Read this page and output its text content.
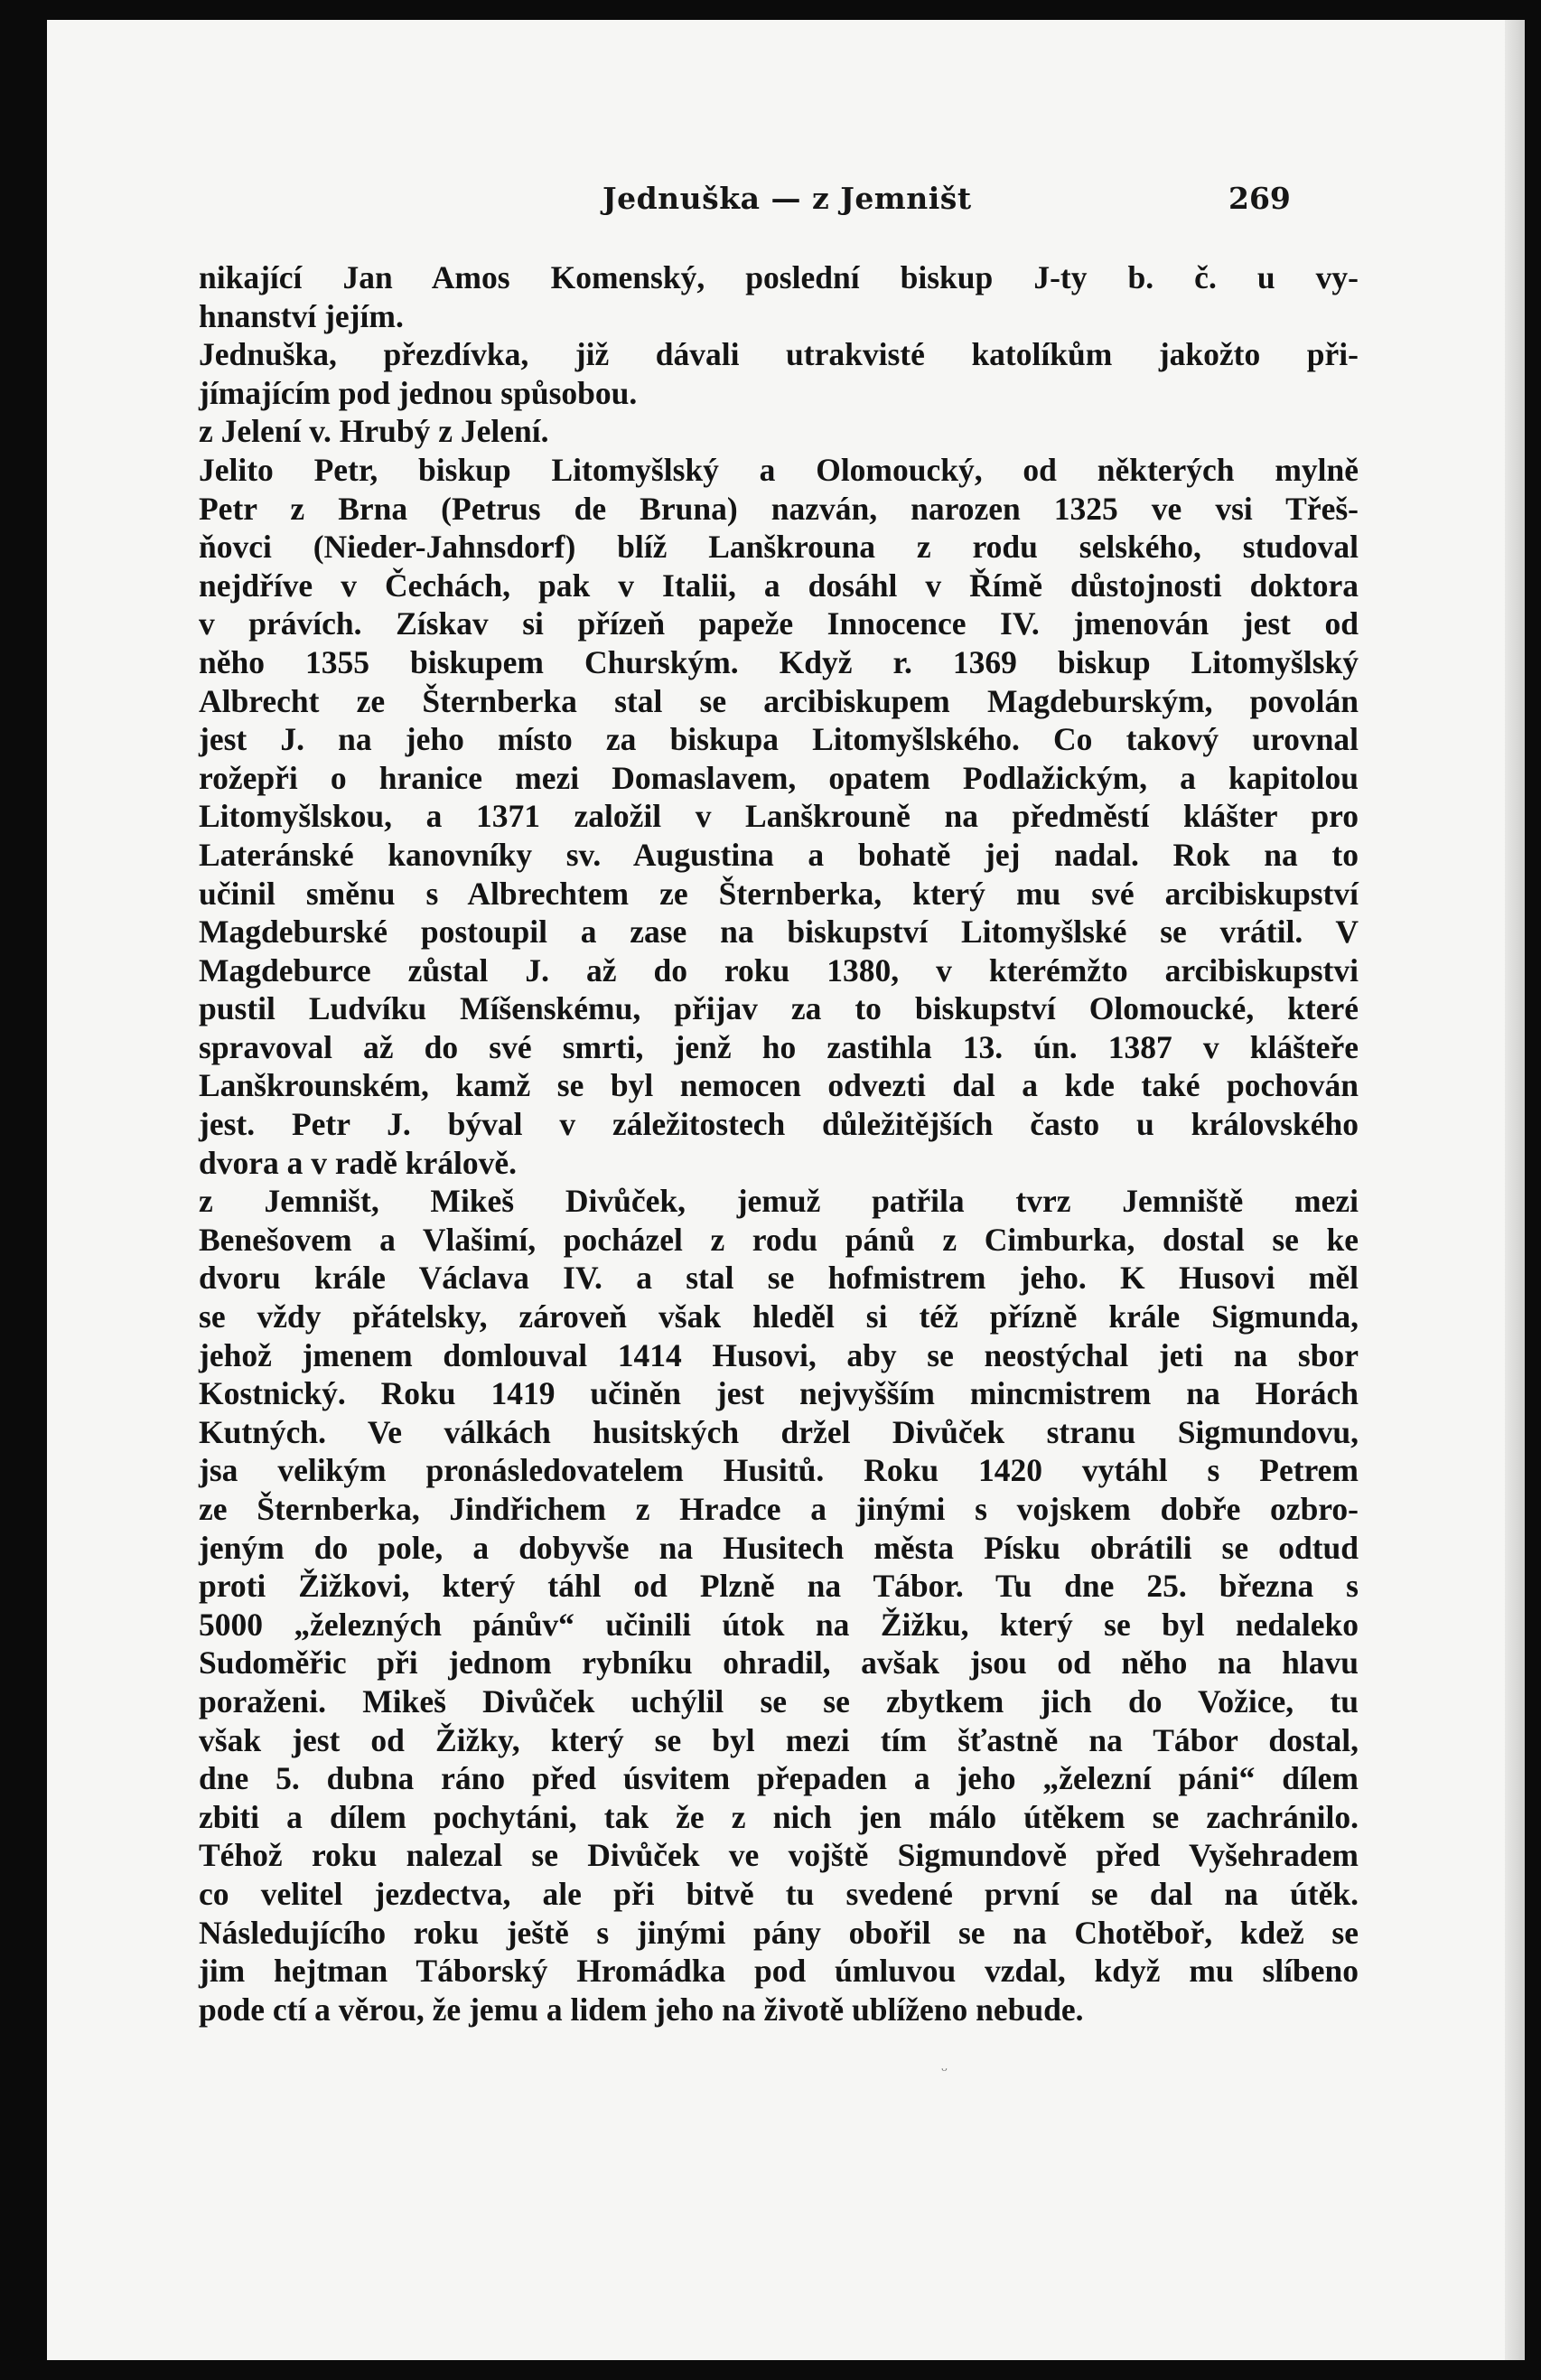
Jednuška — z Jemništ	269
nikající Jan Amos Komenský, poslední biskup J-ty b. č. u vy-
hnanství jejím.
Jednuška, přezdívka, již dávali utrakvisté katolíkům jakožto při-
jímajícím pod jednou spůsobou.
z Jelení v. Hrubý z Jelení.
Jelito Petr, biskup Litomyšlský a Olomoucký, od některých mylně
Petr z Brna (Petrus de Bruna) nazván, narozen 1325 ve vsi Třeš-
ňovci (Nieder-Jahnsdorf) blíž Lanškrouna z rodu selského, studoval
nejdříve v Čechách, pak v Italii, a dosáhl v Římě důstojnosti doktora
v právích. Získav si přízeň papeže Innocence IV. jmenován jest od
něho 1355 biskupem Churským. Když r. 1369 biskup Litomyšlský
Albrecht ze Šternberka stal se arcibiskupem Magdeburským, povolán
jest J. na jeho místo za biskupa Litomyšlského. Co takový urovnal
rožepři o hranice mezi Domaslavem, opatem Podlažickým, a kapitolou
Litomyšlskou, a 1371 založil v Lanškrouně na předměstí klášter pro
Lateránské kanovníky sv. Augustina a bohatě jej nadal. Rok na to
učinil směnu s Albrechtem ze Šternberka, který mu své arcibiskupství
Magdeburské postoupil a zase na biskupství Litomyšlské se vrátil. V
Magdeburce zůstal J. až do roku 1380, v kterémžto arcibiskupstvi
pustil Ludvíku Míšenskému, přijav za to biskupství Olomoucké, které
spravoval až do své smrti, jenž ho zastihla 13. ún. 1387 v klášteře
Lanškrounském, kamž se byl nemocen odvezti dal a kde také pochován
jest. Petr J. býval v záležitostech důležitějších často u královského
dvora a v radě králově.
z Jemništ, Mikeš Divůček, jemuž patřila tvrz Jemniště mezi
Benešovem a Vlašimí, pocházel z rodu pánů z Cimburka, dostal se ke
dvoru krále Václava IV. a stal se hofmistrem jeho. K Husovi měl
se vždy přátelsky, zároveň však hleděl si též přízně krále Sigmunda,
jehož jmenem domlouval 1414 Husovi, aby se neostýchal jeti na sbor
Kostnický. Roku 1419 učiněn jest nejvyšším mincmistrem na Horách
Kutných. Ve válkách husitských držel Divůček stranu Sigmundovu,
jsa velikým pronásledovatelem Husitů. Roku 1420 vytáhl s Petrem
ze Šternberka, Jindřichem z Hradce a jinými s vojskem dobře ozbro-
jeným do pole, a dobyvše na Husitech města Písku obrátili se odtud
proti Žižkovi, který táhl od Plzně na Tábor. Tu dne 25. března s
5000 „železných pánův“ učinili útok na Žižku, který se byl nedaleko
Sudoměřic při jednom rybníku ohradil, avšak jsou od něho na hlavu
poraženi. Mikeš Divůček uchýlil se se zbytkem jich do Vožice, tu
však jest od Žižky, který se byl mezi tím šťastně na Tábor dostal,
dne 5. dubna ráno před úsvitem přepaden a jeho „železní páni“ dílem
zbiti a dílem pochytáni, tak že z nich jen málo útěkem se zachránilo.
Téhož roku nalezal se Divůček ve vojště Sigmundově před Vyšehradem
co velitel jezdectva, ale při bitvě tu svedené první se dal na útěk.
Následujícího roku ještě s jinými pány obořil se na Chotěboř, kdež se
jim hejtman Táborský Hromádka pod úmluvou vzdal, když mu slíbeno
pode ctí a věrou, že jemu a lidem jeho na životě ublíženo nebude.
ᵕ
